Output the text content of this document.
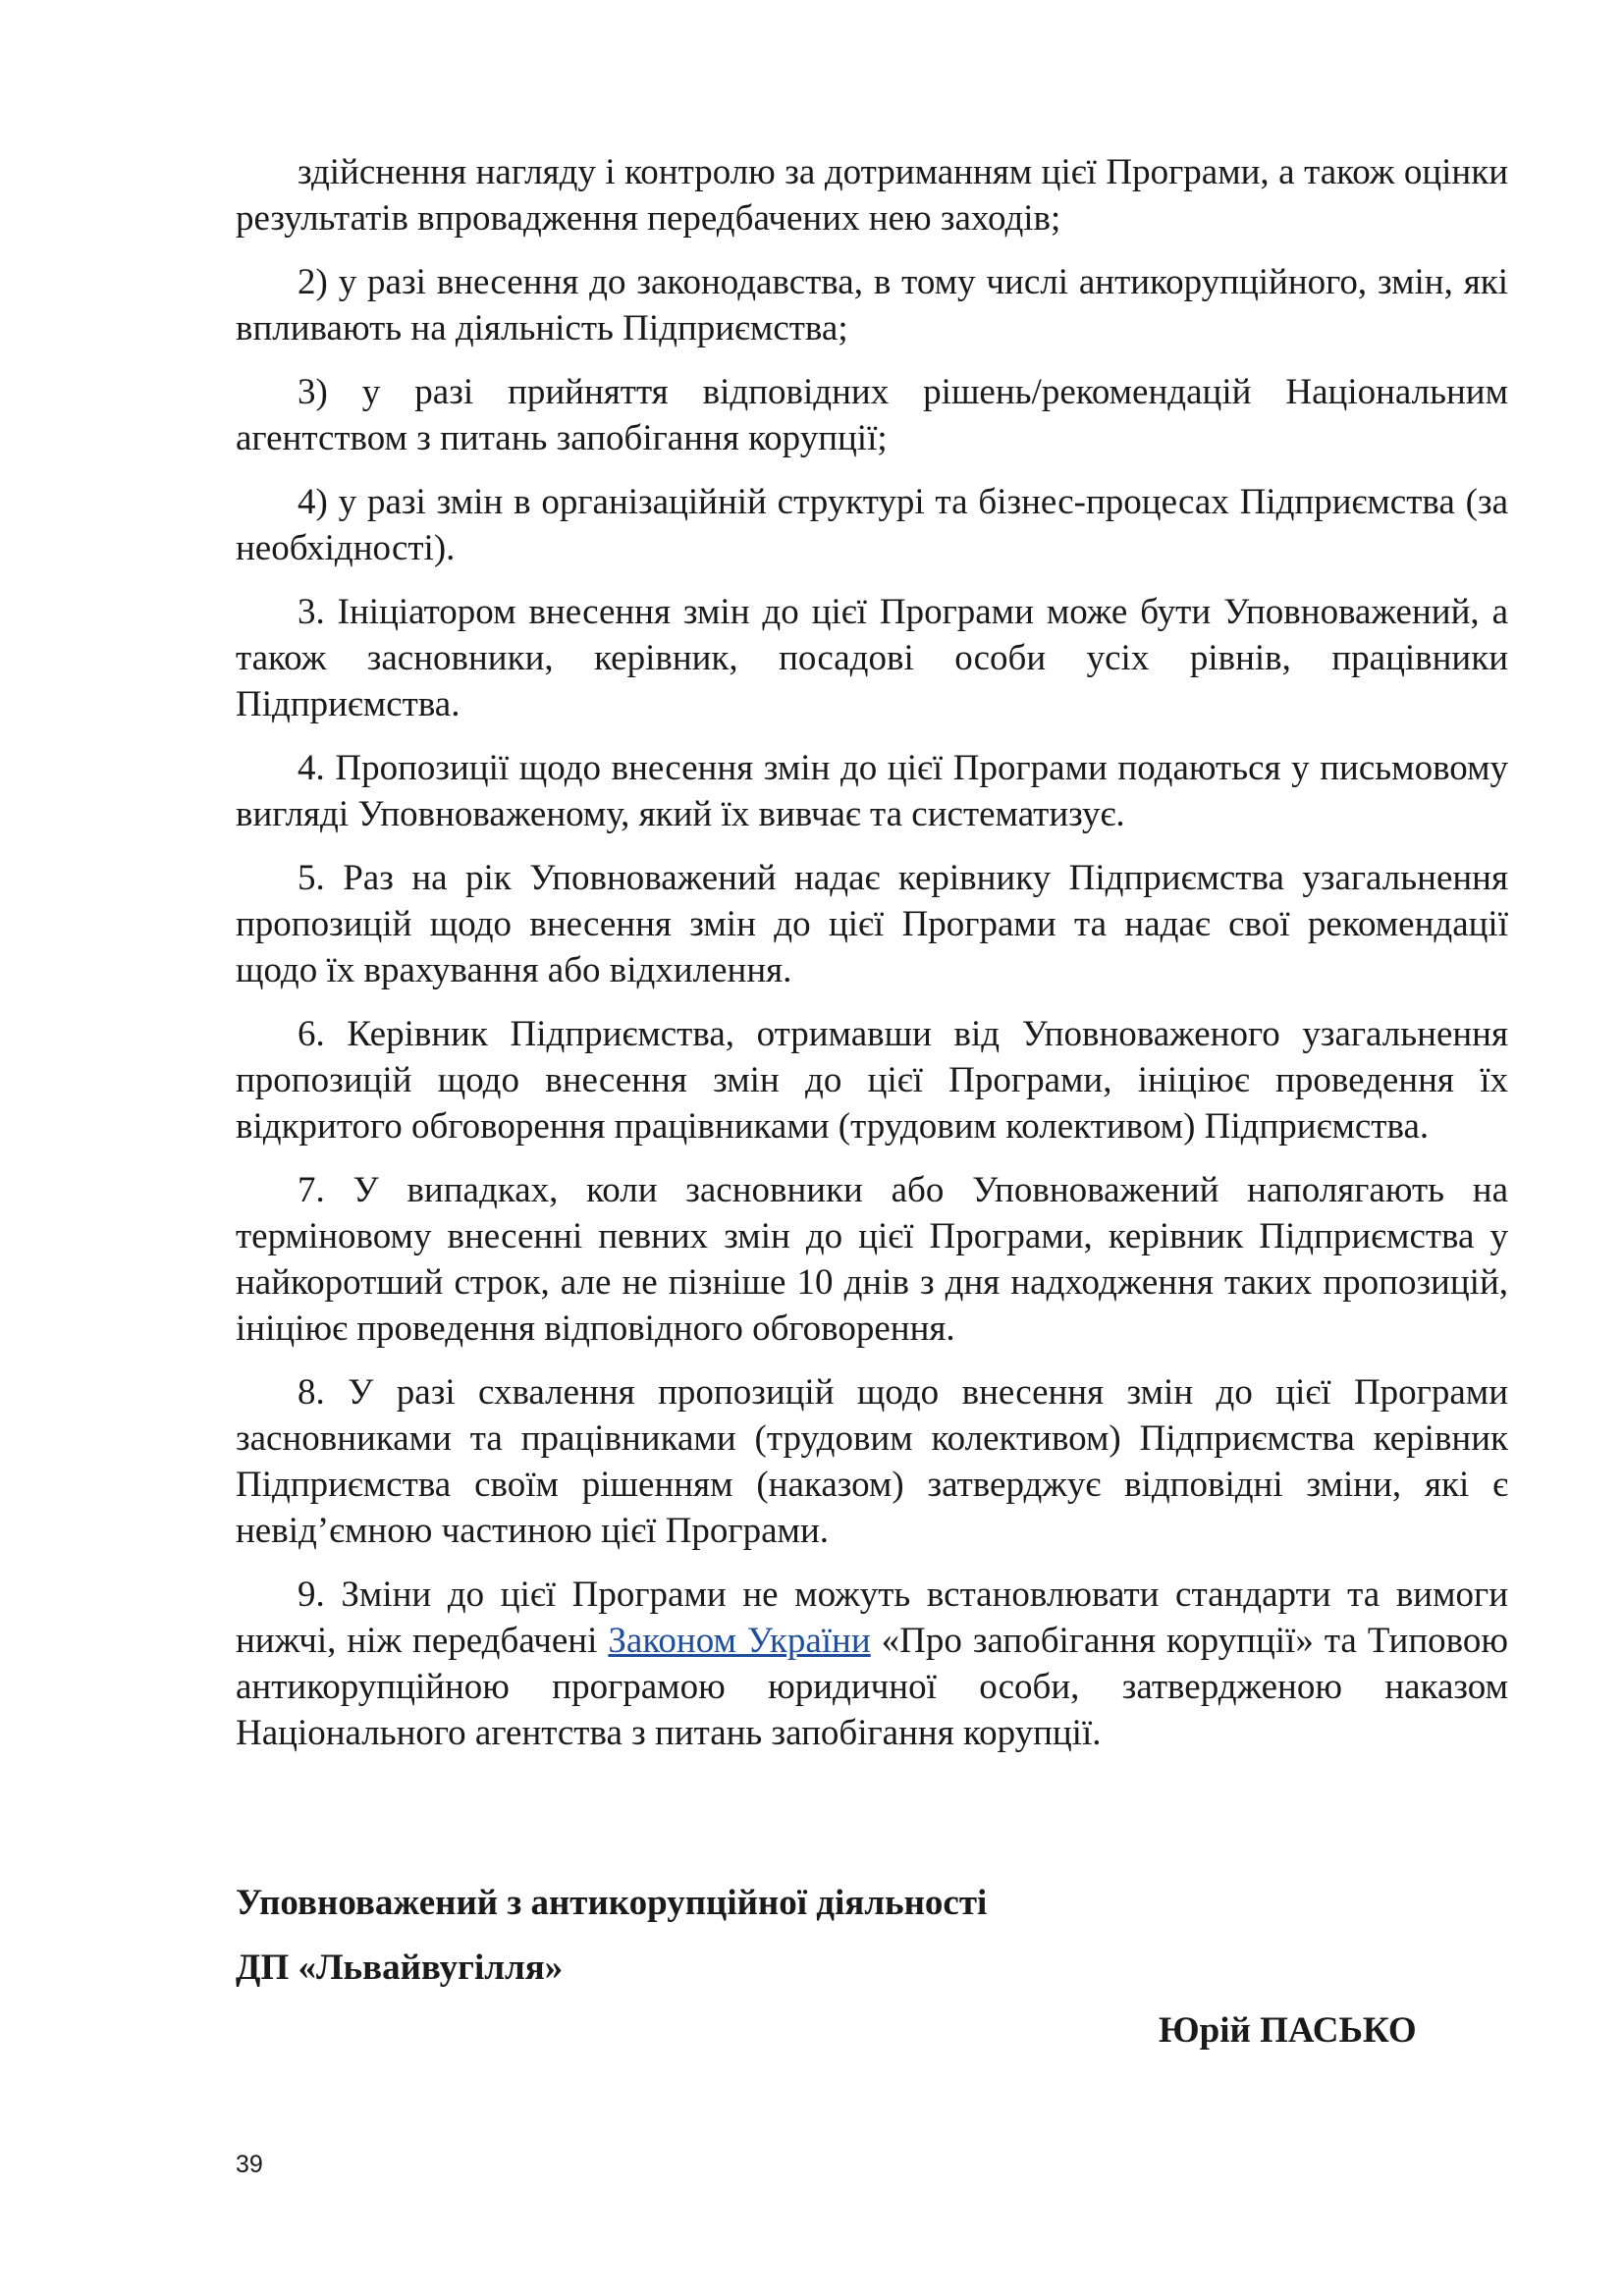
здійснення нагляду і контролю за дотриманням цієї Програми, а також оцінки результатів впровадження передбачених нею заходів;

2) у разі внесення до законодавства, в тому числі антикорупційного, змін, які впливають на діяльність Підприємства;

3) у разі прийняття відповідних рішень/рекомендацій Національним агентством з питань запобігання корупції;

4) у разі змін в організаційній структурі та бізнес-процесах Підприємства (за необхідності).

3. Ініціатором внесення змін до цієї Програми може бути Уповноважений, а також засновники, керівник, посадові особи усіх рівнів, працівники Підприємства.

4. Пропозиції щодо внесення змін до цієї Програми подаються у письмовому вигляді Уповноваженому, який їх вивчає та систематизує.

5. Раз на рік Уповноважений надає керівнику Підприємства узагальнення пропозицій щодо внесення змін до цієї Програми та надає свої рекомендації щодо їх врахування або відхилення.

6. Керівник Підприємства, отримавши від Уповноваженого узагальнення пропозицій щодо внесення змін до цієї Програми, ініціює проведення їх відкритого обговорення працівниками (трудовим колективом) Підприємства.

7. У випадках, коли засновники або Уповноважений наполягають на терміновому внесенні певних змін до цієї Програми, керівник Підприємства у найкоротший строк, але не пізніше 10 днів з дня надходження таких пропозицій, ініціює проведення відповідного обговорення.

8. У разі схвалення пропозицій щодо внесення змін до цієї Програми засновниками та працівниками (трудовим колективом) Підприємства керівник Підприємства своїм рішенням (наказом) затверджує відповідні зміни, які є невід’ємною частиною цієї Програми.

9. Зміни до цієї Програми не можуть встановлювати стандарти та вимоги нижчі, ніж передбачені Законом України «Про запобігання корупції» та Типовою антикорупційною програмою юридичної особи, затвердженою наказом Національного агентства з питань запобігання корупції.

Уповноважений з антикорупційної діяльності
ДП «Львайвугілля»
Юрій ПАСЬКО
39
